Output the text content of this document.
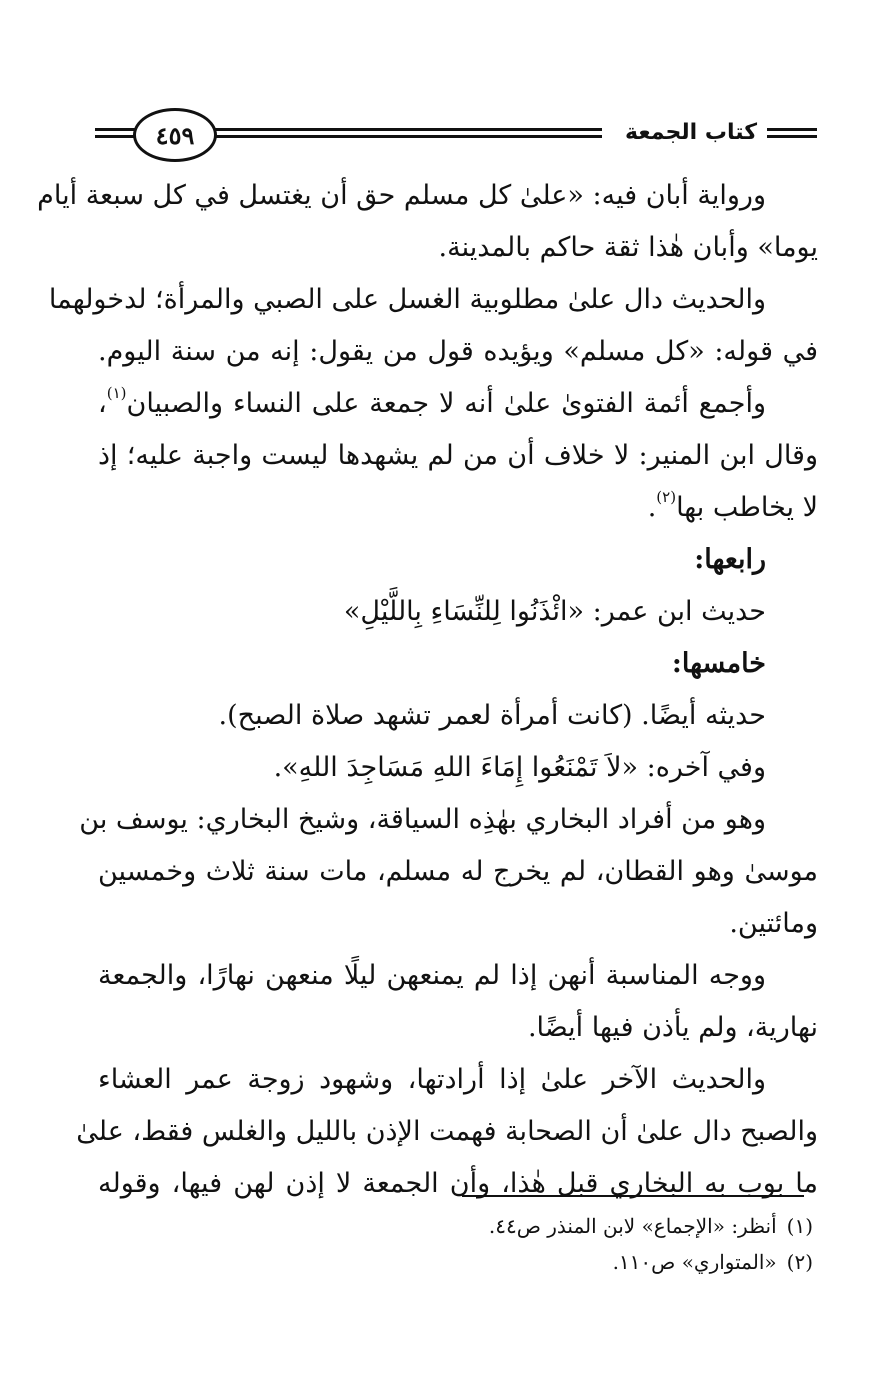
٤٥٩	كتاب الجمعة
ورواية أبان فيه: «علىٰ كل مسلم حق أن يغتسل في كل سبعة أيام
يوما» وأبان هٰذا ثقة حاكم بالمدينة.
والحديث دال علىٰ مطلوبية الغسل على الصبي والمرأة؛ لدخولهما
في قوله: «كل مسلم» ويؤيده قول من يقول: إنه من سنة اليوم.
وأجمع أئمة الفتوىٰ علىٰ أنه لا جمعة على النساء والصبيان$^{(١)}$،
وقال ابن المنير: لا خلاف أن من لم يشهدها ليست واجبة عليه؛ إذ
لا يخاطب بها$^{(٢)}$.
رابعها:
حديث ابن عمر: «ائْذَنُوا لِلنِّسَاءِ بِاللَّيْلِ»
خامسها:
حديثه أيضًا. (كانت أمرأة لعمر تشهد صلاة الصبح).
وفي آخره: «لاَ تَمْنَعُوا إِمَاءَ اللهِ مَسَاجِدَ اللهِ».
وهو من أفراد البخاري بهٰذِه السياقة، وشيخ البخاري: يوسف بن
موسىٰ وهو القطان، لم يخرج له مسلم، مات سنة ثلاث وخمسين
ومائتين.
ووجه المناسبة أنهن إذا لم يمنعهن ليلًا منعهن نهارًا، والجمعة
نهارية، ولم يأذن فيها أيضًا.
والحديث الآخر علىٰ إذا أرادتها، وشهود زوجة عمر العشاء
والصبح دال علىٰ أن الصحابة فهمت الإذن بالليل والغلس فقط، علىٰ
ما بوب به البخاري قبل هٰذا، وأن الجمعة لا إذن لهن فيها، وقوله
(١)أنظر: «الإجماع» لابن المنذر ص٤٤.
(٢)«المتواري» ص١١٠.
